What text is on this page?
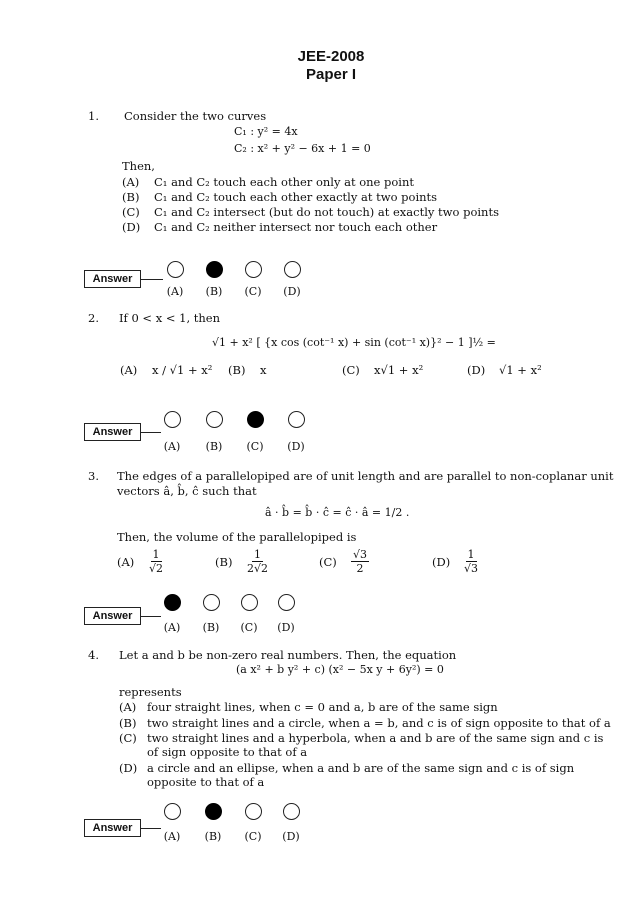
JEE-2008
Paper I
1. Consider the two curves
C₁ : y² = 4x
C₂ : x² + y² − 6x + 1 = 0
Then,
(A) C₁ and C₂ touch each other only at one point
(B) C₁ and C₂ touch each other exactly at two points
(C) C₁ and C₂ intersect (but do not touch) at exactly two points
(D) C₁ and C₂ neither intersect nor touch each other
Answer
(A)	(B)	(C)	(D)
2. If 0 < x < 1, then
√1 + x² [ {x cos (cot⁻¹ x) + sin (cot⁻¹ x)}² − 1 ]½ =
(A) x / √1 + x² (B) x	(C) x√1 + x²	(D) √1 + x²
Answer
(A)	(B)	(C)	(D)
3. The edges of a parallelopiped are of unit length and are parallel to non-coplanar unit
vectors â, b̂, ĉ such that
â · b̂ = b̂ · ĉ = ĉ · â = 1/2 .
Then, the volume of the parallelopiped is
(A)	$\frac{1}{√2}$	(B)	$\frac{1}{2√2}$	(C)	$\frac{√3}{2}$	(D)	$\frac{1}{√3}$
Answer
(A)	(B)	(C)	(D)
4. Let a and b be non-zero real numbers. Then, the equation
(a x² + b y² + c) (x² − 5x y + 6y²) = 0
represents
(A) four straight lines, when c = 0 and a, b are of the same sign
(B) two straight lines and a circle, when a = b, and c is of sign opposite to that of a
(C) two straight lines and a hyperbola, when a and b are of the same sign and c is
of sign opposite to that of a
(D) a circle and an ellipse, when a and b are of the same sign and c is of sign
opposite to that of a
Answer
(A)	(B)	(C)	(D)
